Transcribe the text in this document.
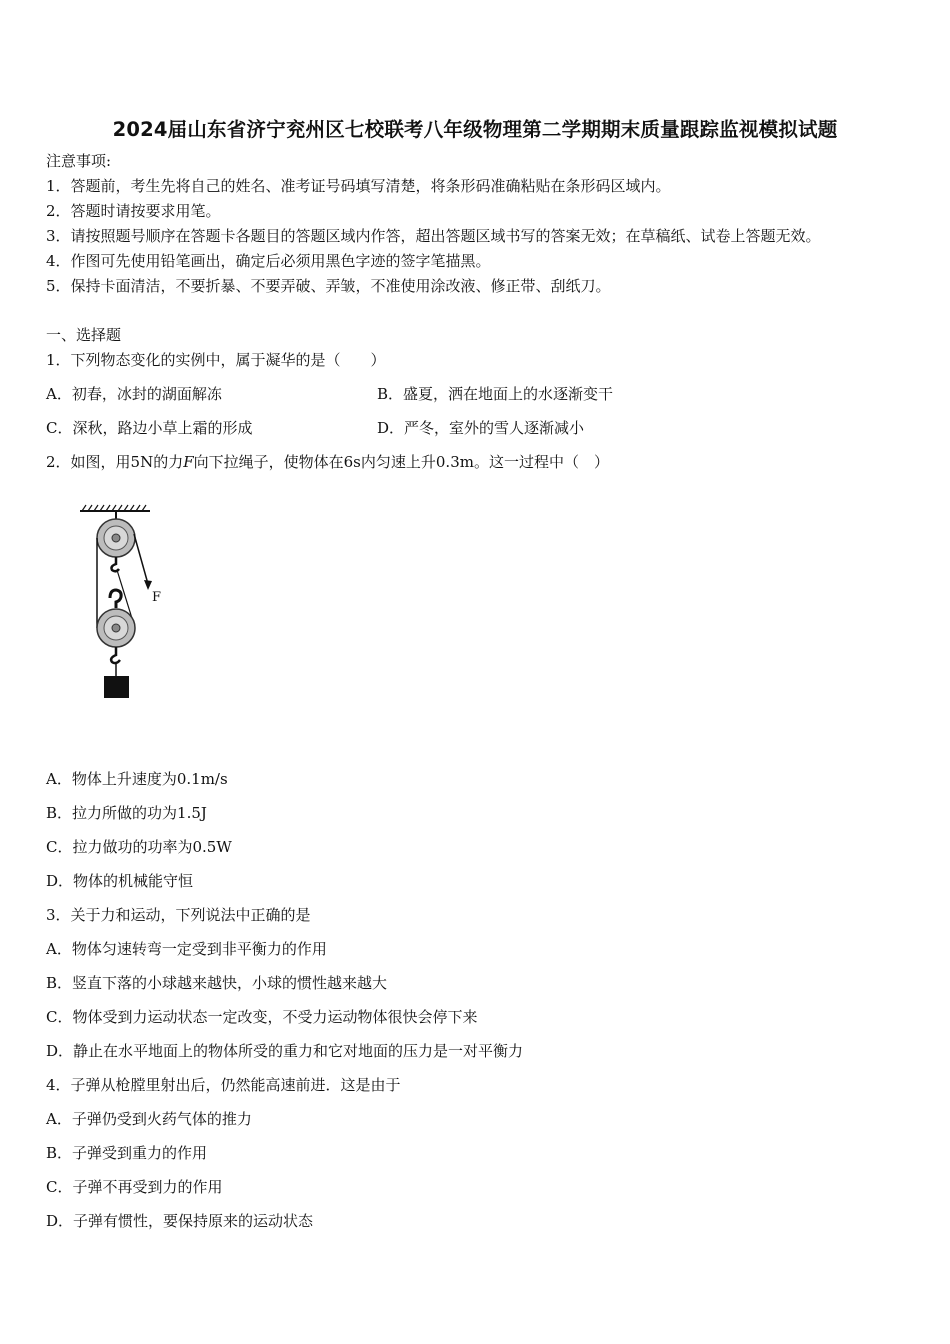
2024届山东省济宁兖州区七校联考八年级物理第二学期期末质量跟踪监视模拟试题
注意事项:
1．答题前，考生先将自己的姓名、准考证号码填写清楚，将条形码准确粘贴在条形码区域内。
2．答题时请按要求用笔。
3．请按照题号顺序在答题卡各题目的答题区域内作答，超出答题区域书写的答案无效；在草稿纸、试卷上答题无效。
4．作图可先使用铅笔画出，确定后必须用黑色字迹的签字笔描黑。
5．保持卡面清洁，不要折暴、不要弄破、弄皱，不准使用涂改液、修正带、刮纸刀。
一、选择题
1．下列物态变化的实例中，属于凝华的是（　　）
A．初春，冰封的湖面解冻	B．盛夏，洒在地面上的水逐渐变干
C．深秋，路边小草上霜的形成	D．严冬，室外的雪人逐渐减小
2．如图，用5N的力F向下拉绳子，使物体在6s内匀速上升0.3m。这一过程中（　）
F
A．物体上升速度为0.1m/s
B．拉力所做的功为1.5J
C．拉力做功的功率为0.5W
D．物体的机械能守恒
3．关于力和运动，下列说法中正确的是
A．物体匀速转弯一定受到非平衡力的作用
B．竖直下落的小球越来越快，小球的惯性越来越大
C．物体受到力运动状态一定改变，不受力运动物体很快会停下来
D．静止在水平地面上的物体所受的重力和它对地面的压力是一对平衡力
4．子弹从枪膛里射出后，仍然能高速前进．这是由于
A．子弹仍受到火药气体的推力
B．子弹受到重力的作用
C．子弹不再受到力的作用
D．子弹有惯性，要保持原来的运动状态
